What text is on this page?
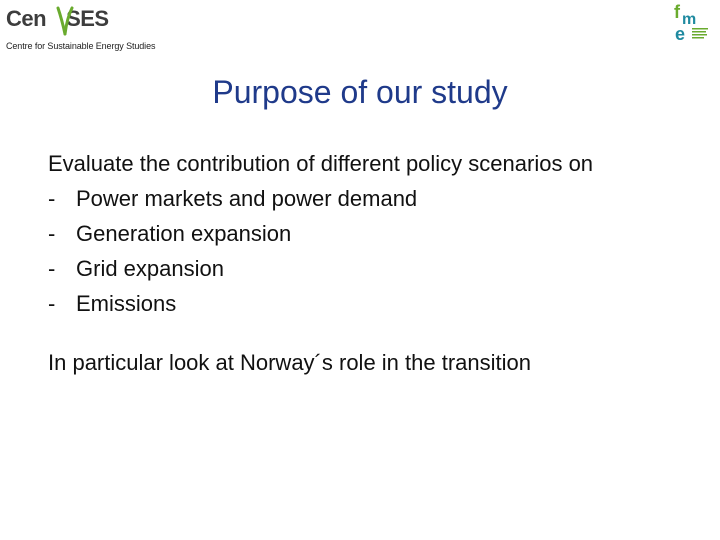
Cen SES
Centre for Sustainable Energy Studies
f m
e
Purpose of our study
Evaluate the contribution of different policy scenarios on
- Power markets and power demand
- Generation expansion
- Grid expansion
- Emissions
In particular look at Norway´s role in the transition
